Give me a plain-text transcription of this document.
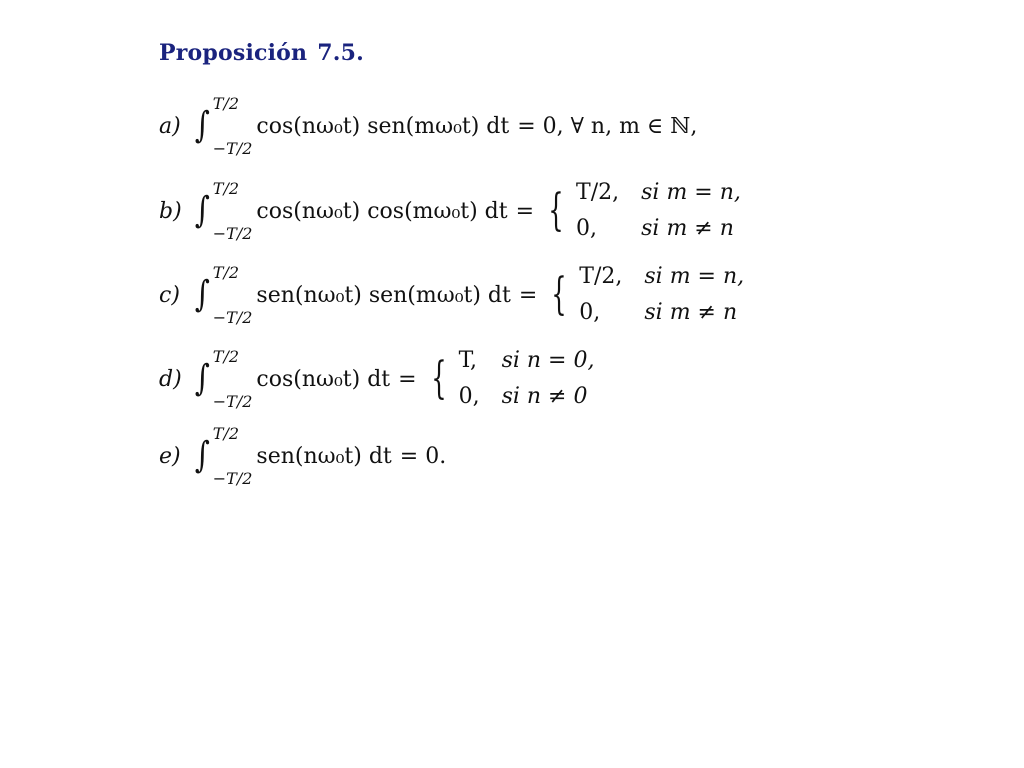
Proposición 7.5.
a) ∫
T/2
−T/2
cos(nω₀t) sen(mω₀t) dt = 0, ∀ n, m ∈ ℕ,
b) ∫
T/2
−T/2
cos(nω₀t) cos(mω₀t) dt = { T/2, si m = n,
0,	si m ≠ n
c) ∫
T/2
−T/2
sen(nω₀t) sen(mω₀t) dt = { T/2, si m = n,
0,	si m ≠ n
d) ∫
T/2
−T/2
cos(nω₀t) dt = { T, si n = 0,
0, si n ≠ 0
e) ∫
T/2
−T/2
sen(nω₀t) dt = 0.
